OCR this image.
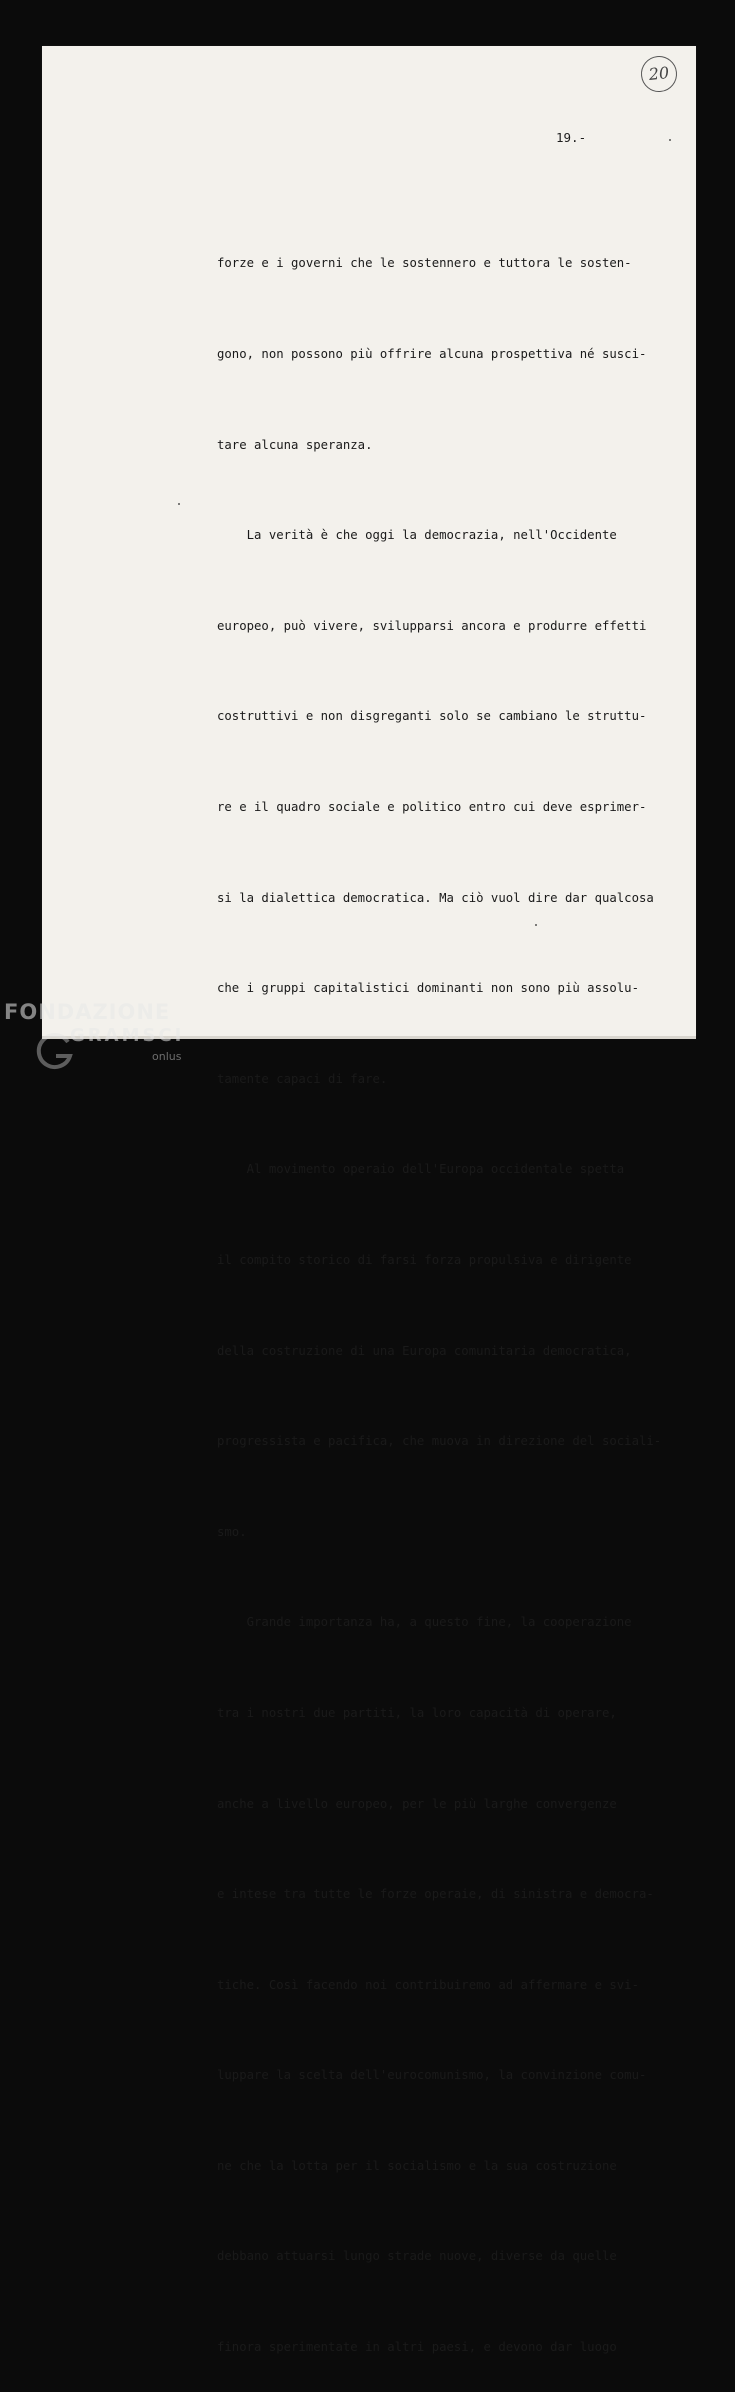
20
19.-

forze e i governi che le sostennero e tuttora le sosten-

gono, non possono più offrire alcuna prospettiva né susci-

tare alcuna speranza.

La verità è che oggi la democrazia, nell'Occidente

europeo, può vivere, svilupparsi ancora e produrre effetti

costruttivi e non disgreganti solo se cambiano le struttu-

re e il quadro sociale e politico entro cui deve esprimer-

si la dialettica democratica. Ma ciò vuol dire dar qualcosa

che i gruppi capitalistici dominanti non sono più assolu-

tamente capaci di fare.

Al movimento operaio dell'Europa occidentale spetta

il compito storico di farsi forza propulsiva e dirigente

della costruzione di una Europa comunitaria democratica,

progressista e pacifica, che muova in direzione del sociali-

smo.

Grande importanza ha, a questo fine, la cooperazione

tra i nostri due partiti, la loro capacità di operare,

anche a livello europeo, per le più larghe convergenze

e intese tra tutte le forze operaie, di sinistra e democra-

tiche. Così facendo noi contribuiremo ad affermare e svi-

luppare la scelta dell'eurocomunismo, la convinzione comu-

ne che la lotta per il socialismo e la sua costruzione

debbano attuarsi lungo strade nuove, diverse da quelle

finora sperimentate in altri paesi, e devono dar luogo

FONDAZIONE
GRAMSCI
onlus
